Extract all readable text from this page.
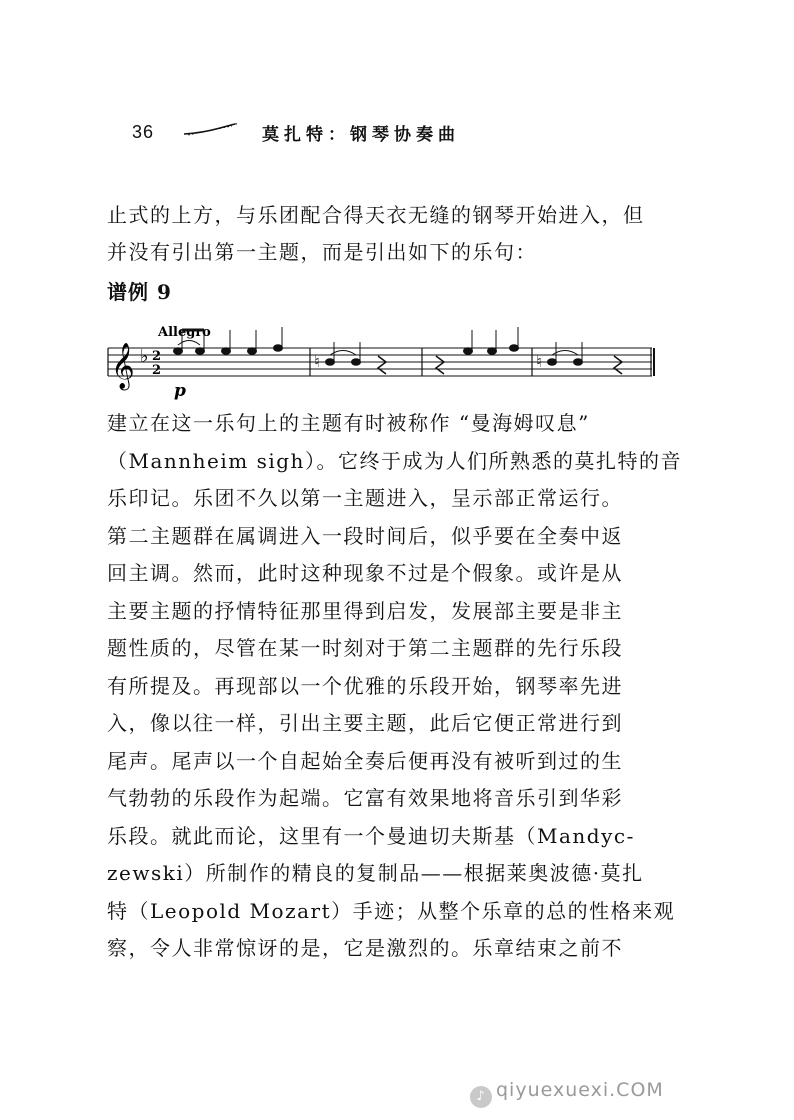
36	莫扎特：钢琴协奏曲
止式的上方，与乐团配合得天衣无缝的钢琴开始进入，但
并没有引出第一主题，而是引出如下的乐句：
谱例 9
Allegro
𝄞 ♭ 2
2
p
♮	♮
建立在这一乐句上的主题有时被称作 “曼海姆叹息”
（Mannheim sigh）。它终于成为人们所熟悉的莫扎特的音
乐印记。乐团不久以第一主题进入，呈示部正常运行。
第二主题群在属调进入一段时间后，似乎要在全奏中返
回主调。然而，此时这种现象不过是个假象。或许是从
主要主题的抒情特征那里得到启发，发展部主要是非主
题性质的，尽管在某一时刻对于第二主题群的先行乐段
有所提及。再现部以一个优雅的乐段开始，钢琴率先进
入，像以往一样，引出主要主题，此后它便正常进行到
尾声。尾声以一个自起始全奏后便再没有被听到过的生
气勃勃的乐段作为起端。它富有效果地将音乐引到华彩
乐段。就此而论，这里有一个曼迪切夫斯基（Mandyc-
zewski）所制作的精良的复制品——根据莱奥波德·莫扎
特（Leopold Mozart）手迹；从整个乐章的总的性格来观
察，令人非常惊讶的是，它是激烈的。乐章结束之前不
♪ qiyuexuexi.COM
